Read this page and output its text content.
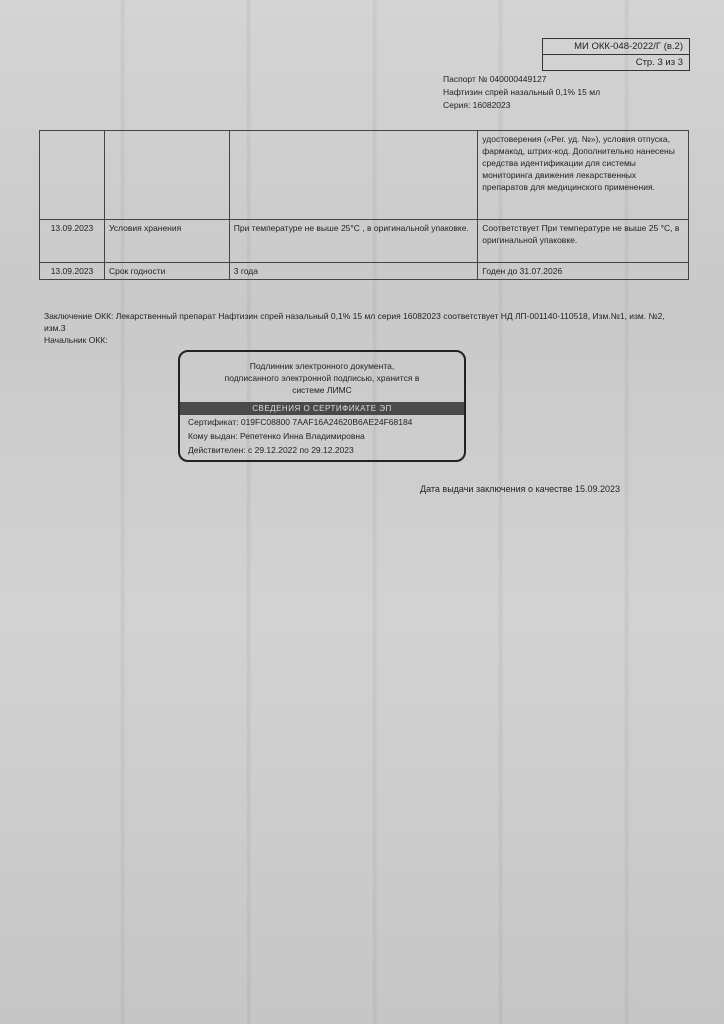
МИ ОКК-048-2022/Г (в.2)
Стр. 3 из 3
Паспорт № 040000449127
Нафтизин спрей назальный 0,1% 15 мл
Серия: 16082023
			удостоверения («Рег. уд. №»), условия отпуска, фармакод, штрих-код. Дополнительно нанесены средства идентификации для системы мониторинга движения лекарственных препаратов для медицинского применения.
13.09.2023	Условия хранения	При температуре не выше 25°С , в оригинальной упаковке.	Соответствует При температуре не выше 25 °С, в оригинальной упаковке.
13.09.2023	Срок годности	3 года	Годен до 31.07.2026
Заключение ОКК: Лекарственный препарат Нафтизин спрей назальный 0,1% 15 мл серия 16082023 соответствует НД ЛП-001140-110518, Изм.№1, изм. №2, изм.3
Начальник ОКК:
Подлинник электронного документа,
подписанного электронной подписью, хранится в
системе ЛИМС
СВЕДЕНИЯ О СЕРТИФИКАТЕ ЭП
Сертификат: 019FC08800 7AAF16A24620B6AE24F68184
Кому выдан: Репетенко Инна Владимировна
Действителен: с 29.12.2022 по 29.12.2023
Дата выдачи заключения о качестве 15.09.2023
